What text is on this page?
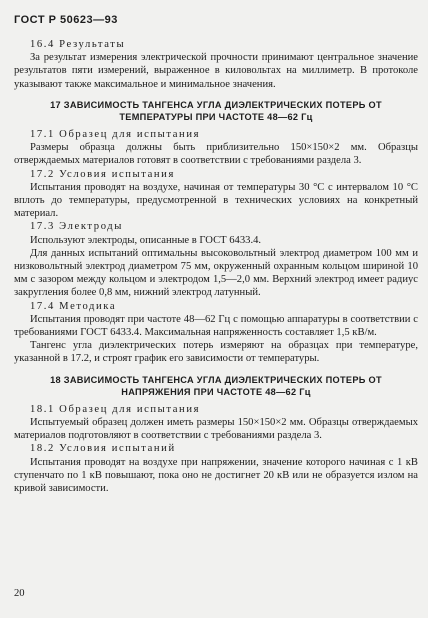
ГОСТ Р 50623—93
16.4 Результаты

За результат измерения электрической прочности принимают центральное значение результатов пяти измерений, выраженное в киловольтах на миллиметр. В протоколе указывают также максимальное и минимальное значения.

17 ЗАВИСИМОСТЬ ТАНГЕНСА УГЛА ДИЭЛЕКТРИЧЕСКИХ ПОТЕРЬ ОТ ТЕМПЕРАТУРЫ ПРИ ЧАСТОТЕ 48—62 Гц
17.1 Образец для испытания

Размеры образца должны быть приблизительно 150×150×2 мм. Образцы отверждаемых материалов готовят в соответствии с требованиями раздела 3.

17.2 Условия испытания

Испытания проводят на воздухе, начиная от температуры 30 °С с интервалом 10 °С вплоть до температуры, предусмотренной в технических условиях на конкретный материал.

17.3 Электроды

Используют электроды, описанные в ГОСТ 6433.4.

Для данных испытаний оптимальны высоковольтный электрод диаметром 100 мм и низковольтный электрод диаметром 75 мм, окруженный охранным кольцом шириной 10 мм с зазором между кольцом и электродом 1,5—2,0 мм. Верхний электрод имеет радиус закругления более 0,8 мм, нижний электрод латунный.

17.4 Методика

Испытания проводят при частоте 48—62 Гц с помощью аппаратуры в соответствии с требованиями ГОСТ 6433.4. Максимальная напряженность составляет 1,5 кВ/м.

Тангенс угла диэлектрических потерь измеряют на образцах при температуре, указанной в 17.2, и строят график его зависимости от температуры.

18 ЗАВИСИМОСТЬ ТАНГЕНСА УГЛА ДИЭЛЕКТРИЧЕСКИХ ПОТЕРЬ ОТ НАПРЯЖЕНИЯ ПРИ ЧАСТОТЕ 48—62 Гц
18.1 Образец для испытания

Испытуемый образец должен иметь размеры 150×150×2 мм. Образцы отверждаемых материалов подготовляют в соответствии с требованиями раздела 3.

18.2 Условия испытаний

Испытания проводят на воздухе при напряжении, значение которого начиная с 1 кВ ступенчато по 1 кВ повышают, пока оно не достигнет 20 кВ или не образуется излом на кривой зависимости.

20
